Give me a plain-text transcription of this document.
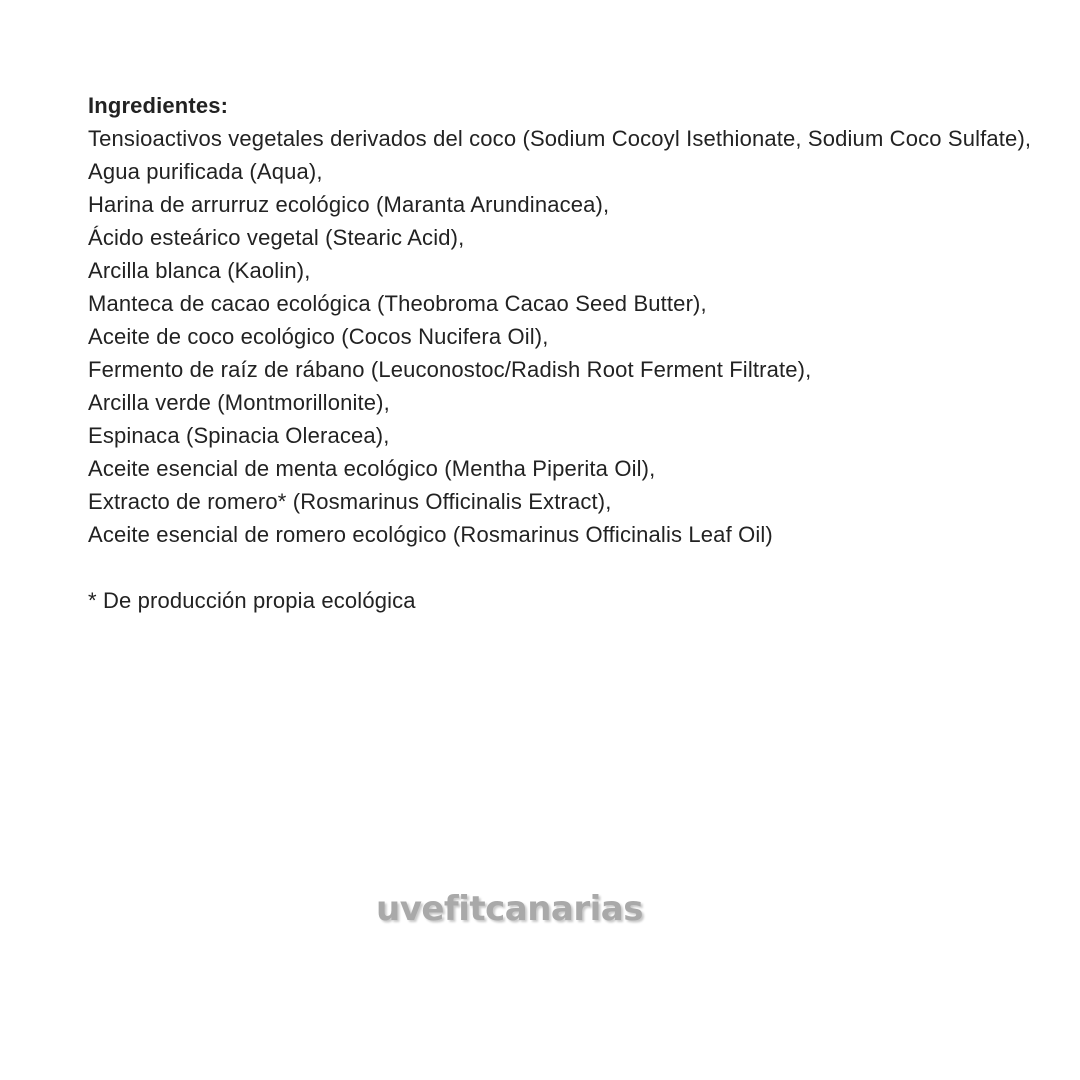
Ingredientes:
Tensioactivos vegetales derivados del coco (Sodium Cocoyl Isethionate, Sodium Coco Sulfate),
Agua purificada (Aqua),
Harina de arrurruz ecológico (Maranta Arundinacea),
Ácido esteárico vegetal (Stearic Acid),
Arcilla blanca (Kaolin),
Manteca de cacao ecológica (Theobroma Cacao Seed Butter),
Aceite de coco ecológico (Cocos Nucifera Oil),
Fermento de raíz de rábano (Leuconostoc/Radish Root Ferment Filtrate),
Arcilla verde (Montmorillonite),
Espinaca (Spinacia Oleracea),
Aceite esencial de menta ecológico (Mentha Piperita Oil),
Extracto de romero* (Rosmarinus Officinalis Extract),
Aceite esencial de romero ecológico (Rosmarinus Officinalis Leaf Oil)
* De producción propia ecológica
uvefitcanarias
